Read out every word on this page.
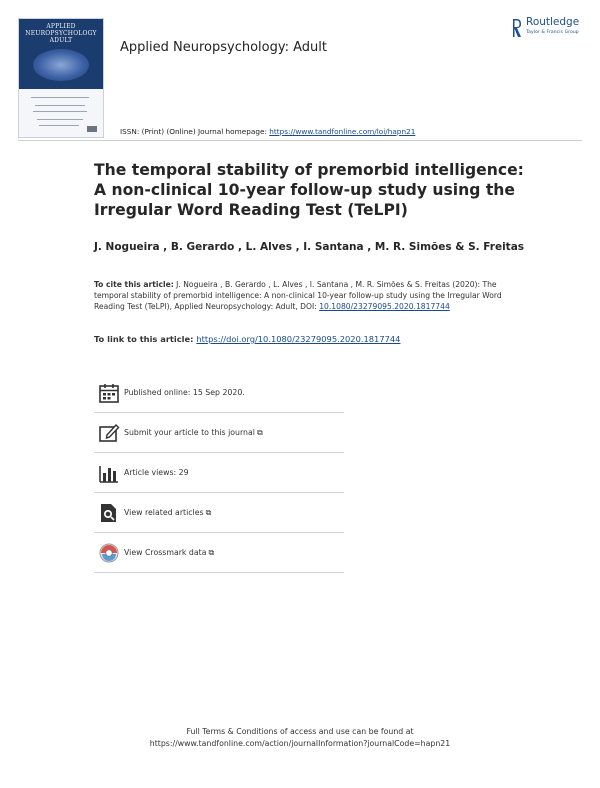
APPLIED
NEUROPSYCHOLOGY
ADULT	Applied Neuropsychology: Adult
Routledge
Taylor & Francis Group
ISSN: (Print) (Online) Journal homepage: https://www.tandfonline.com/loi/hapn21
The temporal stability of premorbid intelligence: A non-clinical 10-year follow-up study using the Irregular Word Reading Test (TeLPI)
J. Nogueira , B. Gerardo , L. Alves , I. Santana , M. R. Simões & S. Freitas
To cite this article: J. Nogueira , B. Gerardo , L. Alves , I. Santana , M. R. Simões & S. Freitas (2020): The temporal stability of premorbid intelligence: A non-clinical 10-year follow-up study using the Irregular Word Reading Test (TeLPI), Applied Neuropsychology: Adult, DOI: 10.1080/23279095.2020.1817744
To link to this article: https://doi.org/10.1080/23279095.2020.1817744
Published online: 15 Sep 2020.
Submit your article to this journal ⧉
Article views: 29
View related articles ⧉
View Crossmark data ⧉
Full Terms & Conditions of access and use can be found at
https://www.tandfonline.com/action/journalInformation?journalCode=hapn21
